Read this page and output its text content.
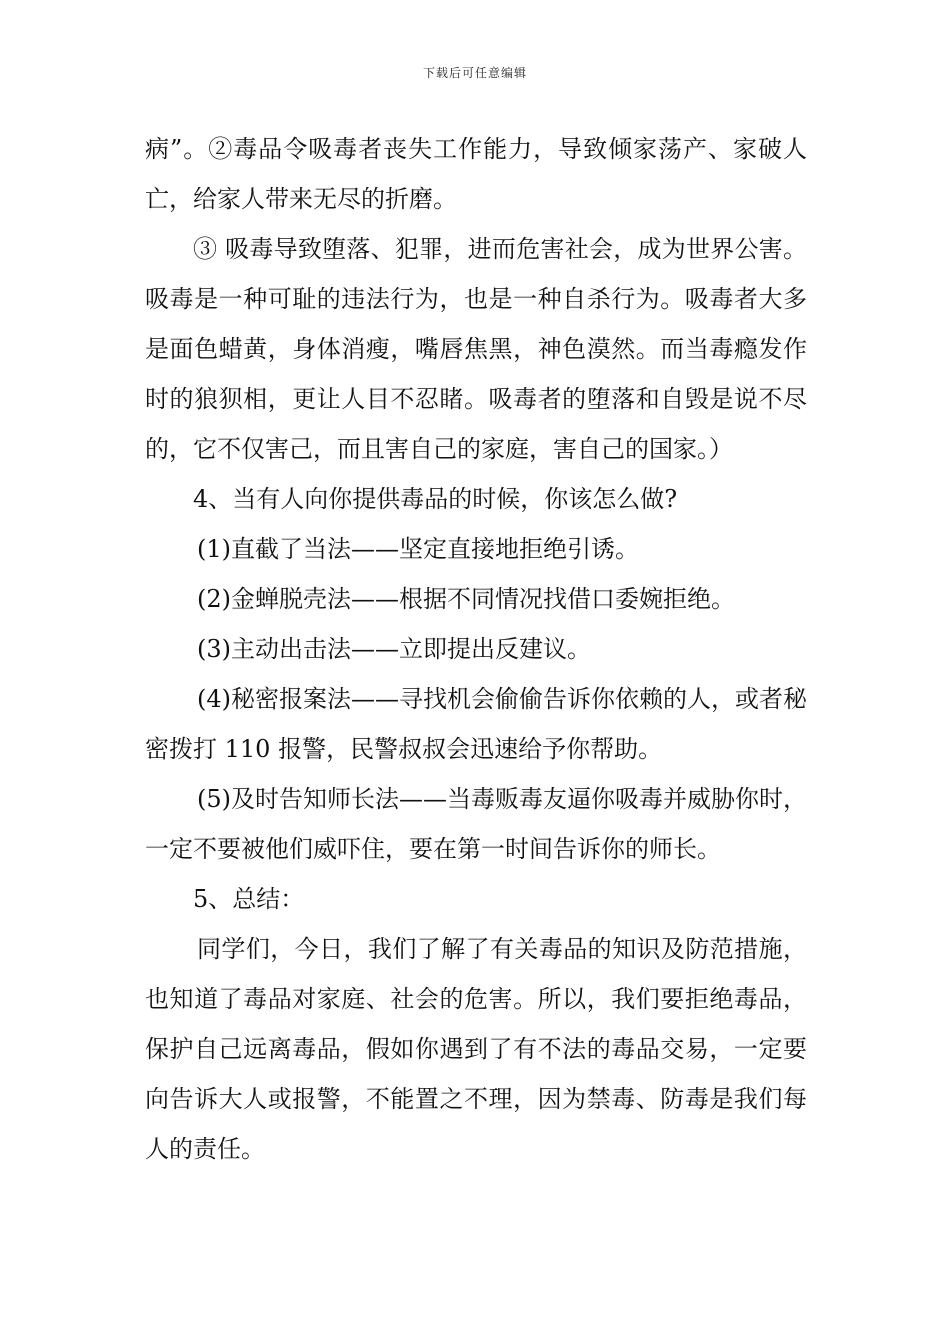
下载后可任意编辑

病”。②毒品令吸毒者丧失工作能力，导致倾家荡产、家破人亡，给家人带来无尽的折磨。

③ 吸毒导致堕落、犯罪，进而危害社会，成为世界公害。吸毒是一种可耻的违法行为，也是一种自杀行为。吸毒者大多是面色蜡黄，身体消瘦，嘴唇焦黑，神色漠然。而当毒瘾发作时的狼狈相，更让人目不忍睹。吸毒者的堕落和自毁是说不尽的，它不仅害己，而且害自己的家庭，害自己的国家。）

4、当有人向你提供毒品的时候，你该怎么做?

(1)直截了当法——坚定直接地拒绝引诱。

(2)金蝉脱壳法——根据不同情况找借口委婉拒绝。

(3)主动出击法——立即提出反建议。

(4)秘密报案法——寻找机会偷偷告诉你依赖的人，或者秘密拨打 110 报警，民警叔叔会迅速给予你帮助。

(5)及时告知师长法——当毒贩毒友逼你吸毒并威胁你时，一定不要被他们威吓住，要在第一时间告诉你的师长。

5、总结：

同学们，今日，我们了解了有关毒品的知识及防范措施，也知道了毒品对家庭、社会的危害。所以，我们要拒绝毒品，保护自己远离毒品，假如你遇到了有不法的毒品交易，一定要向告诉大人或报警，不能置之不理，因为禁毒、防毒是我们每人的责任。
